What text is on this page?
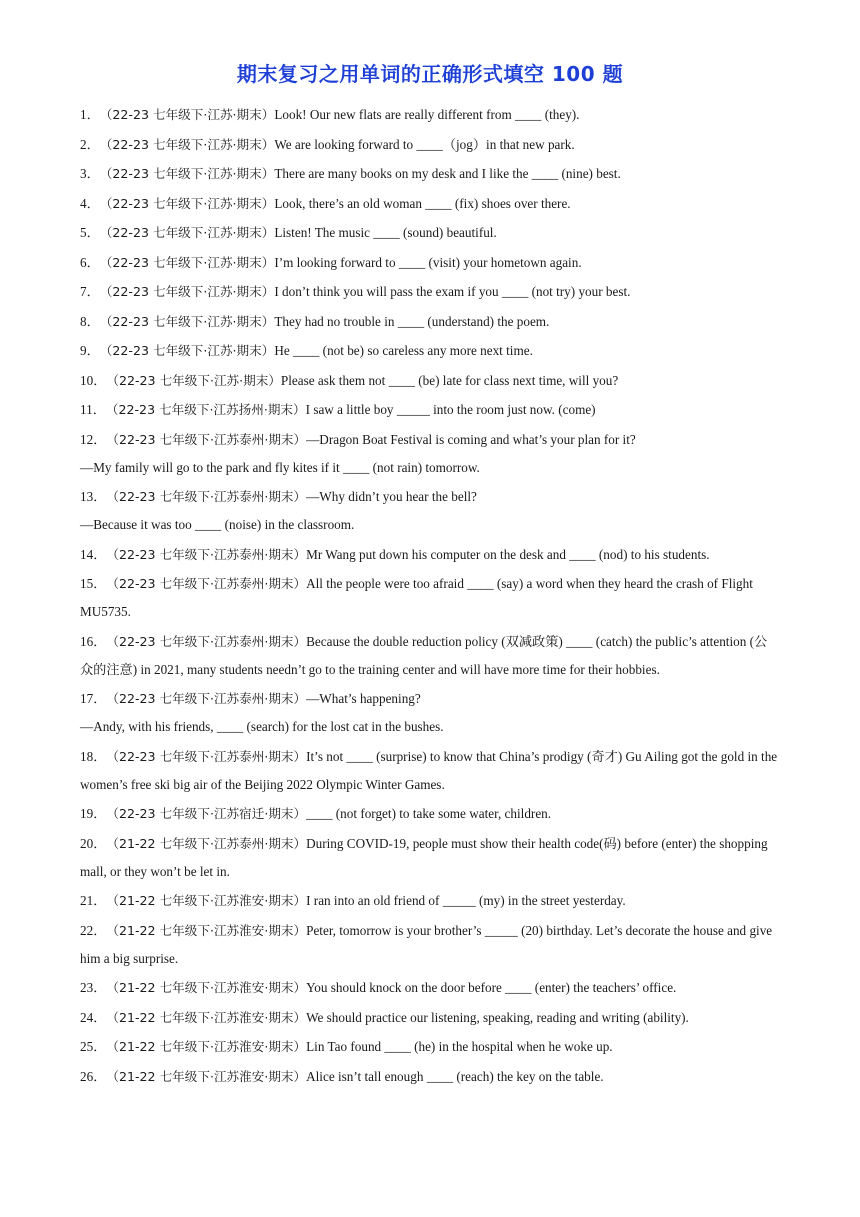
期末复习之用单词的正确形式填空 100 题
1．（22-23 七年级下·江苏·期末）Look! Our new flats are really different from ____ (they).
2．（22-23 七年级下·江苏·期末）We are looking forward to ____（jog）in that new park.
3．（22-23 七年级下·江苏·期末）There are many books on my desk and I like the ____ (nine) best.
4．（22-23 七年级下·江苏·期末）Look, there’s an old woman ____ (fix) shoes over there.
5．（22-23 七年级下·江苏·期末）Listen! The music ____ (sound) beautiful.
6．（22-23 七年级下·江苏·期末）I’m looking forward to ____ (visit) your hometown again.
7．（22-23 七年级下·江苏·期末）I don’t think you will pass the exam if you ____ (not try) your best.
8．（22-23 七年级下·江苏·期末）They had no trouble in ____ (understand) the poem.
9．（22-23 七年级下·江苏·期末）He ____ (not be) so careless any more next time.
10．（22-23 七年级下·江苏·期末）Please ask them not ____ (be) late for class next time, will you?
11．（22-23 七年级下·江苏扬州·期末）I saw a little boy _____ into the room just now. (come)
12．（22-23 七年级下·江苏泰州·期末）—Dragon Boat Festival is coming and what’s your plan for it?
—My family will go to the park and fly kites if it ____ (not rain) tomorrow.
13．（22-23 七年级下·江苏泰州·期末）—Why didn’t you hear the bell?
—Because it was too ____ (noise) in the classroom.
14．（22-23 七年级下·江苏泰州·期末）Mr Wang put down his computer on the desk and ____ (nod) to his students.
15．（22-23 七年级下·江苏泰州·期末）All the people were too afraid ____ (say) a word when they heard the crash of Flight MU5735.
16．（22-23 七年级下·江苏泰州·期末）Because the double reduction policy (双减政策) ____ (catch) the public’s attention (公众的注意) in 2021, many students needn’t go to the training center and will have more time for their hobbies.
17．（22-23 七年级下·江苏泰州·期末）—What’s happening?
—Andy, with his friends, ____ (search) for the lost cat in the bushes.
18．（22-23 七年级下·江苏泰州·期末）It’s not ____ (surprise) to know that China’s prodigy (奇才) Gu Ailing got the gold in the women’s free ski big air of the Beijing 2022 Olympic Winter Games.
19．（22-23 七年级下·江苏宿迁·期末）____ (not forget) to take some water, children.
20．（21-22 七年级下·江苏泰州·期末）During COVID-19, people must show their health code(码) before (enter) the shopping mall, or they won’t be let in.
21．（21-22 七年级下·江苏淮安·期末）I ran into an old friend of _____ (my) in the street yesterday.
22．（21-22 七年级下·江苏淮安·期末）Peter, tomorrow is your brother’s _____ (20) birthday. Let’s decorate the house and give him a big surprise.
23．（21-22 七年级下·江苏淮安·期末）You should knock on the door before ____ (enter) the teachers’ office.
24．（21-22 七年级下·江苏淮安·期末）We should practice our listening, speaking, reading and writing (ability).
25．（21-22 七年级下·江苏淮安·期末）Lin Tao found ____ (he) in the hospital when he woke up.
26．（21-22 七年级下·江苏淮安·期末）Alice isn’t tall enough ____ (reach) the key on the table.
